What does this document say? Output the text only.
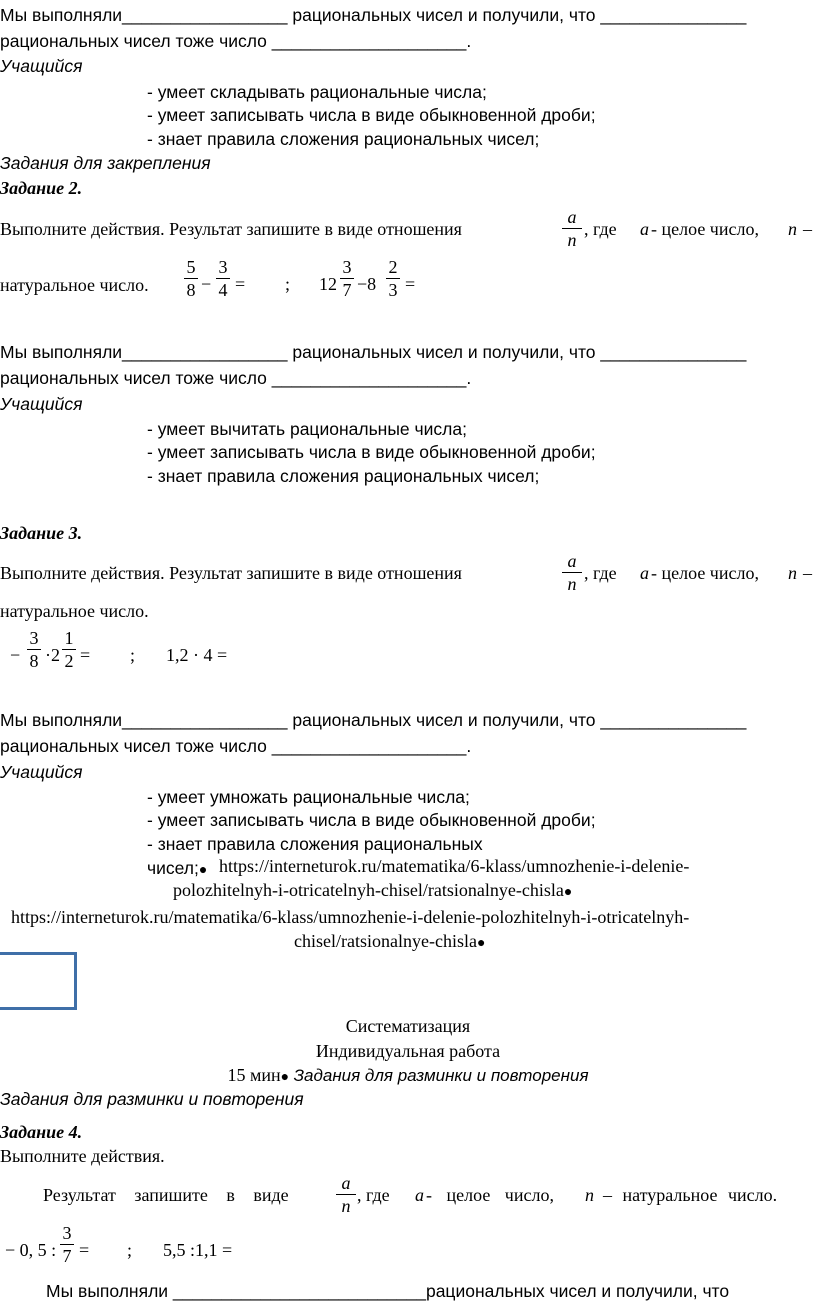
Мы выполняли_________________ рациональных чисел и получили, что _______________
рациональных чисел тоже число ____________________.
Учащийся
- умеет складывать рациональные числа;
- умеет записывать числа в виде обыкновенной дроби;
- знает правила сложения рациональных чисел;
Задания для закрепления
Задание 2.
Выполните действия. Результат запишите в виде отношения	$\frac{a}{n}$ , где a - целое число, n –
натуральное число. $\frac{5}{8} - \frac{3}{4}$ = ; $12 \frac{3}{7} -8 \frac{2}{3}$ =
Мы выполняли_________________ рациональных чисел и получили, что _______________
рациональных чисел тоже число ____________________.
Учащийся
- умеет вычитать рациональные числа;
- умеет записывать числа в виде обыкновенной дроби;
- знает правила сложения рациональных чисел;
Задание 3.
Выполните действия. Результат запишите в виде отношения	$\frac{a}{n}$ , где a - целое число, n –
натуральное число.
− $\frac{3}{8} \cdot 2 \frac{1}{2}$ = ; 1,2 · 4 =
Мы выполняли_________________ рациональных чисел и получили, что _______________
рациональных чисел тоже число ____________________.
Учащийся
- умеет умножать рациональные числа;
- умеет записывать числа в виде обыкновенной дроби;
- знает правила сложения рациональных
чисел;● https://interneturok.ru/matematika/6-klass/umnozhenie-i-delenie-
polozhitelnyh-i-otricatelnyh-chisel/ratsionalnye-chisla●
https://interneturok.ru/matematika/6-klass/umnozhenie-i-delenie-polozhitelnyh-i-otricatelnyh-
chisel/ratsionalnye-chisla●
Систематизация
Индивидуальная работа
15 мин● Задания для разминки и повторения
Задания для разминки и повторения
Задание 4.
Выполните действия.
Результат запишите в виде	$\frac{a}{n}$ , где a - целое число, n – натуральное число.
− 0, 5 : $\frac{3}{7}$ = ; 5,5 :1,1 =
Мы выполняли __________________________рациональных чисел и получили, что
